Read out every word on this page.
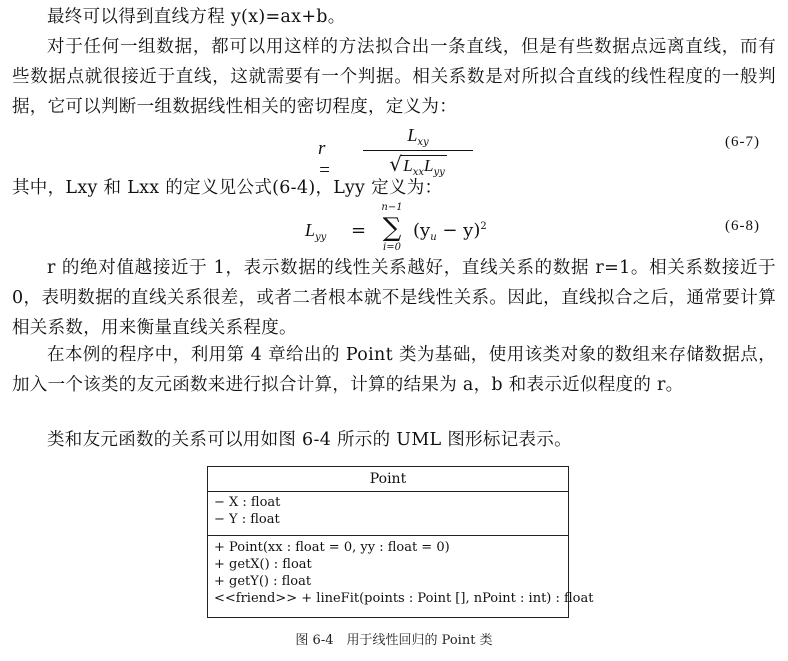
最终可以得到直线方程 y(x)=ax+b。
对于任何一组数据，都可以用这样的方法拟合出一条直线，但是有些数据点远离直线，而有些数据点就很接近于直线，这就需要有一个判据。相关系数是对所拟合直线的线性程度的一般判据，它可以判断一组数据线性相关的密切程度，定义为：
r =
$L_{xy}$
√ $L_{xx}L_{yy}$
(6-7)
其中，Lxy 和 Lxx 的定义见公式(6-4)，Lyy 定义为：
$L_{yy}$ =
n−1
∑
i=0
$(y_u - y)^2$	(6-8)
r 的绝对值越接近于 1，表示数据的线性关系越好，直线关系的数据 r=1。相关系数接近于 0，表明数据的直线关系很差，或者二者根本就不是线性关系。因此，直线拟合之后，通常要计算相关系数，用来衡量直线关系程度。
在本例的程序中，利用第 4 章给出的 Point 类为基础，使用该类对象的数组来存储数据点，加入一个该类的友元函数来进行拟合计算，计算的结果为 a，b 和表示近似程度的 r。
类和友元函数的关系可以用如图 6-4 所示的 UML 图形标记表示。
Point
− X : float
− Y : float
+ Point(xx : float = 0, yy : float = 0)
+ getX() : float
+ getY() : float
<<friend>> + lineFit(points : Point [], nPoint : int) : float
图 6-4　用于线性回归的 Point 类
